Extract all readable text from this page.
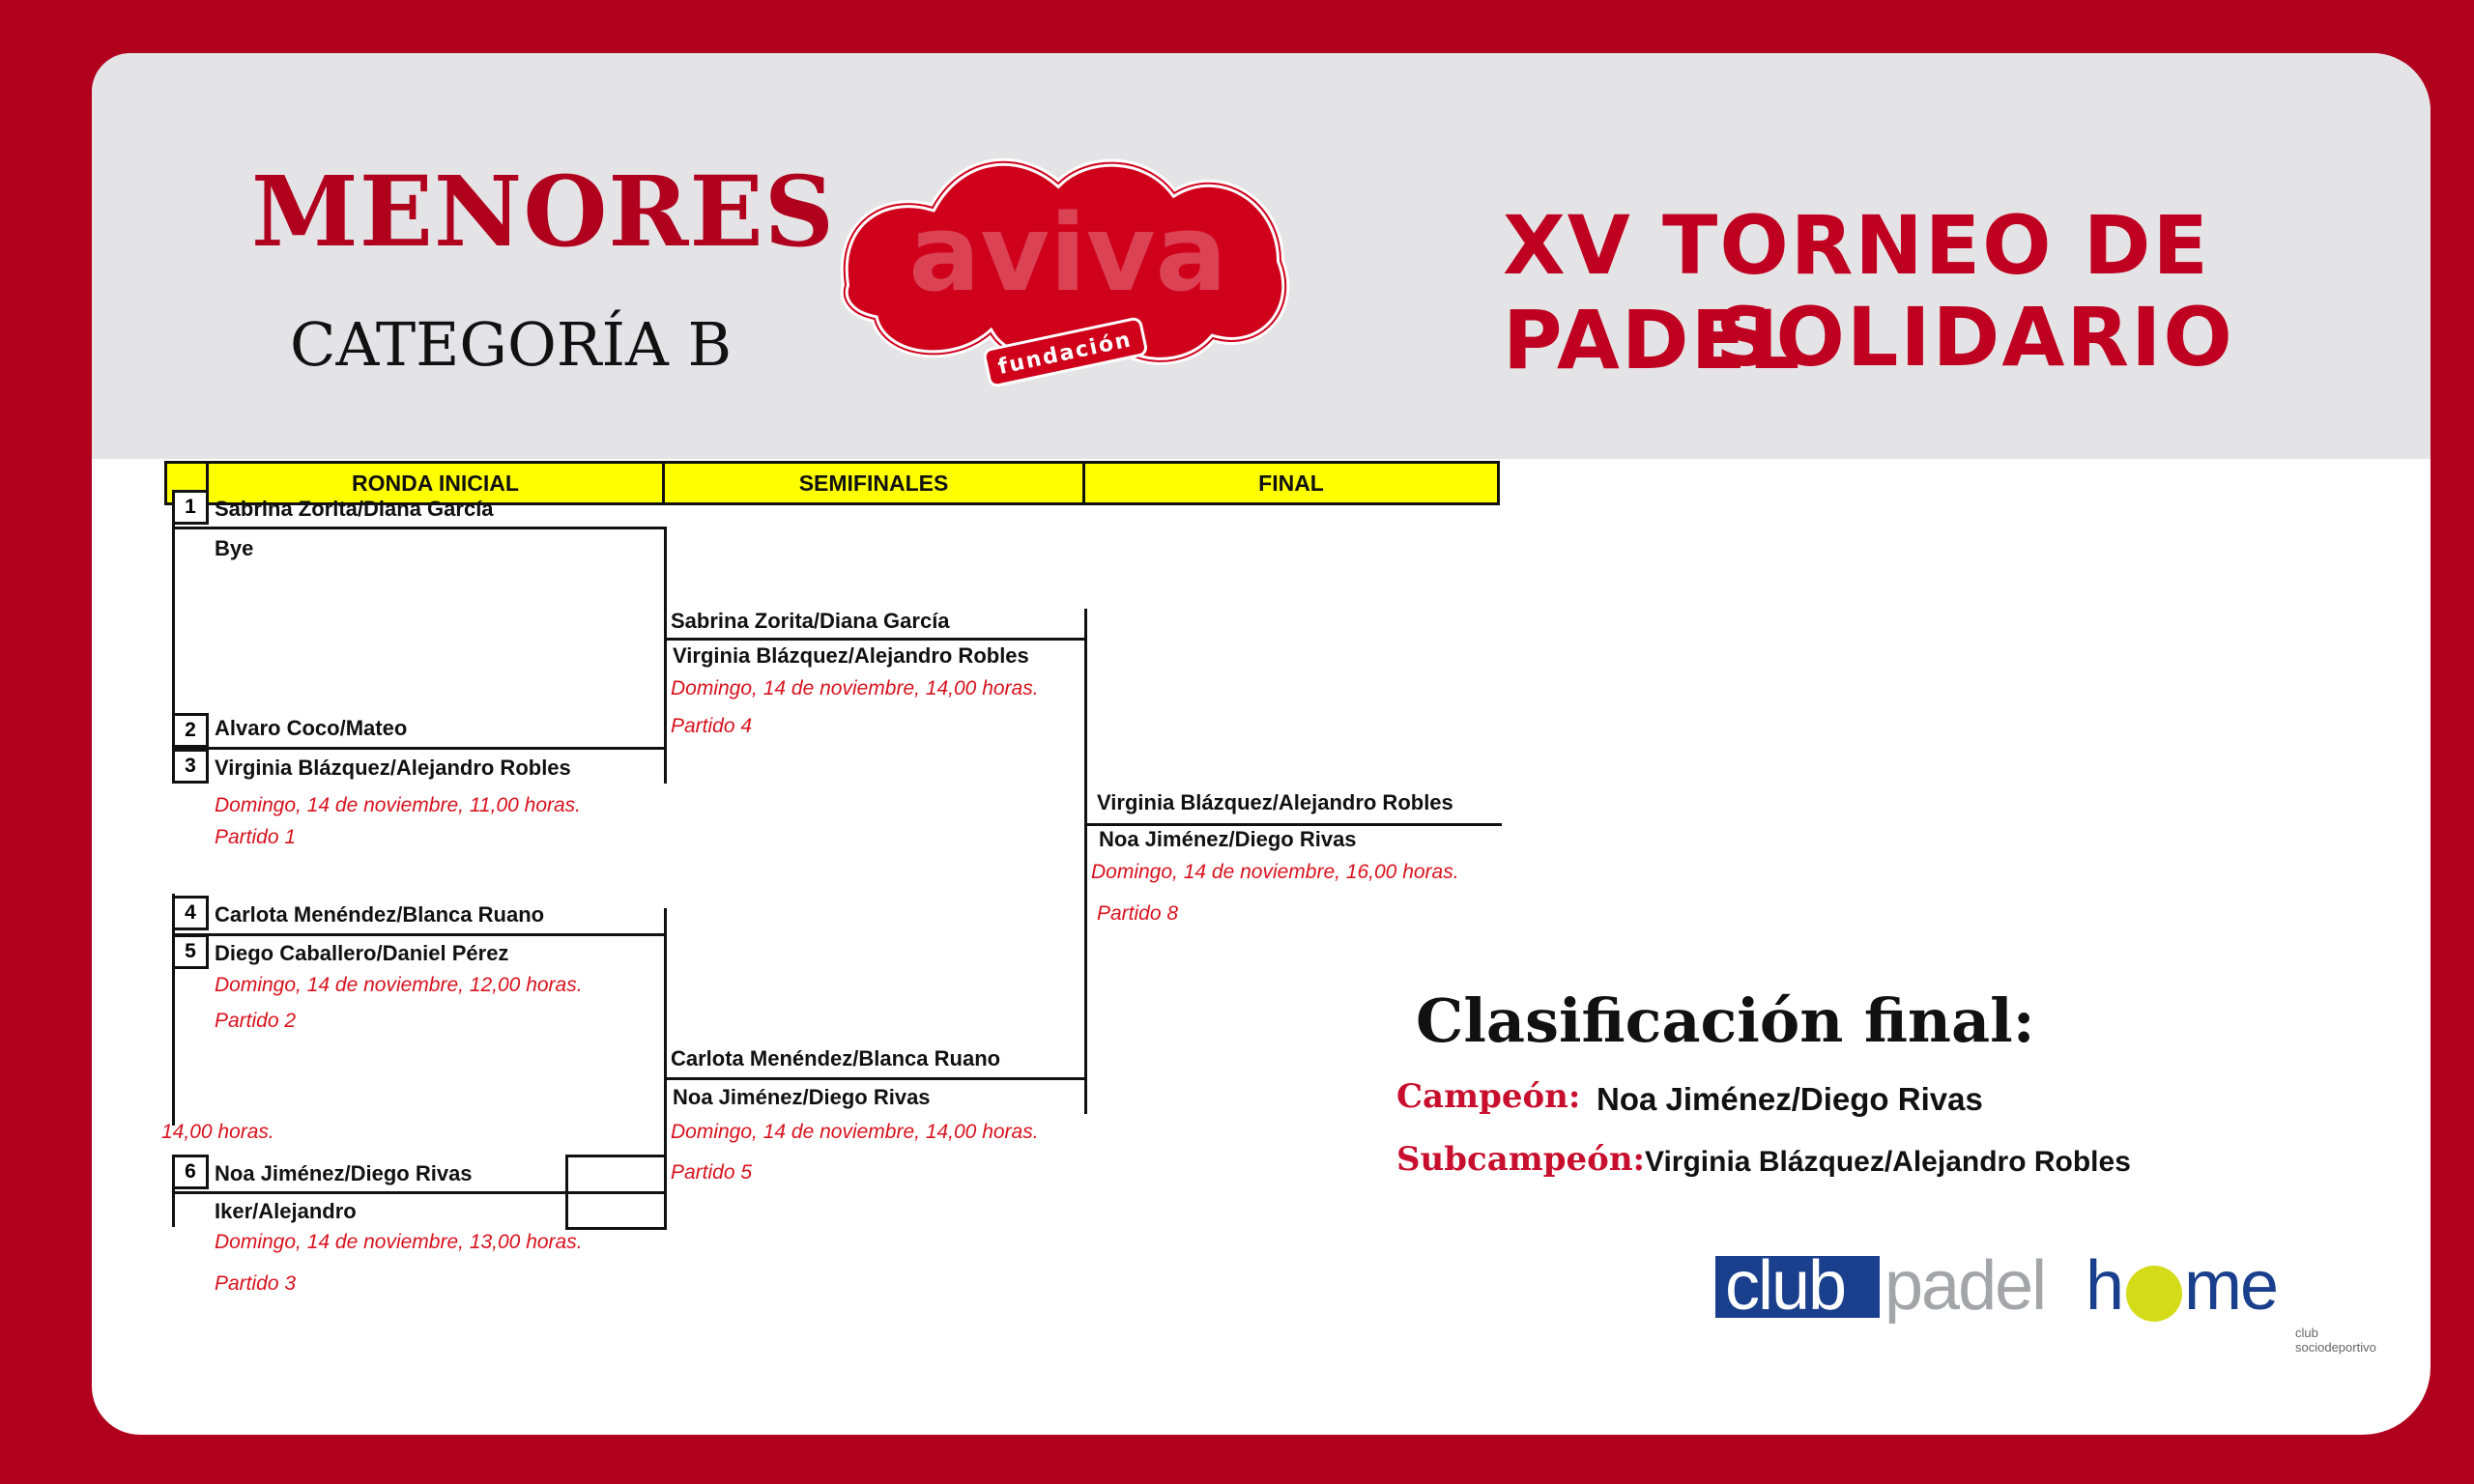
MENORES
CATEGORÍA B
aviva
fundación
XV TORNEO DE PADEL
SOLIDARIO
RONDA INICIAL	SEMIFINALES	FINAL
1
2
3
4
5
6
Sabrina Zorita/Diana García
Bye
Alvaro Coco/Mateo
Virginia Blázquez/Alejandro Robles
Domingo, 14 de noviembre, 11,00 horas.
Partido 1
Carlota Menéndez/Blanca Ruano
Diego Caballero/Daniel Pérez
Domingo, 14 de noviembre, 12,00 horas.
Partido 2
14,00 horas.
Noa Jiménez/Diego Rivas
Iker/Alejandro
Domingo, 14 de noviembre, 13,00 horas.
Partido 3
Sabrina Zorita/Diana García
Virginia Blázquez/Alejandro Robles
Domingo, 14 de noviembre, 14,00 horas.
Partido 4
Carlota Menéndez/Blanca Ruano
Noa Jiménez/Diego Rivas
Domingo, 14 de noviembre, 14,00 horas.
Partido 5
Virginia Blázquez/Alejandro Robles
Noa Jiménez/Diego Rivas
Domingo, 14 de noviembre, 16,00 horas.
Partido 8
Clasificación final:
Campeón: Noa Jiménez/Diego Rivas
Subcampeón: Virginia Blázquez/Alejandro Robles
club padel h me
club sociodeportivo
